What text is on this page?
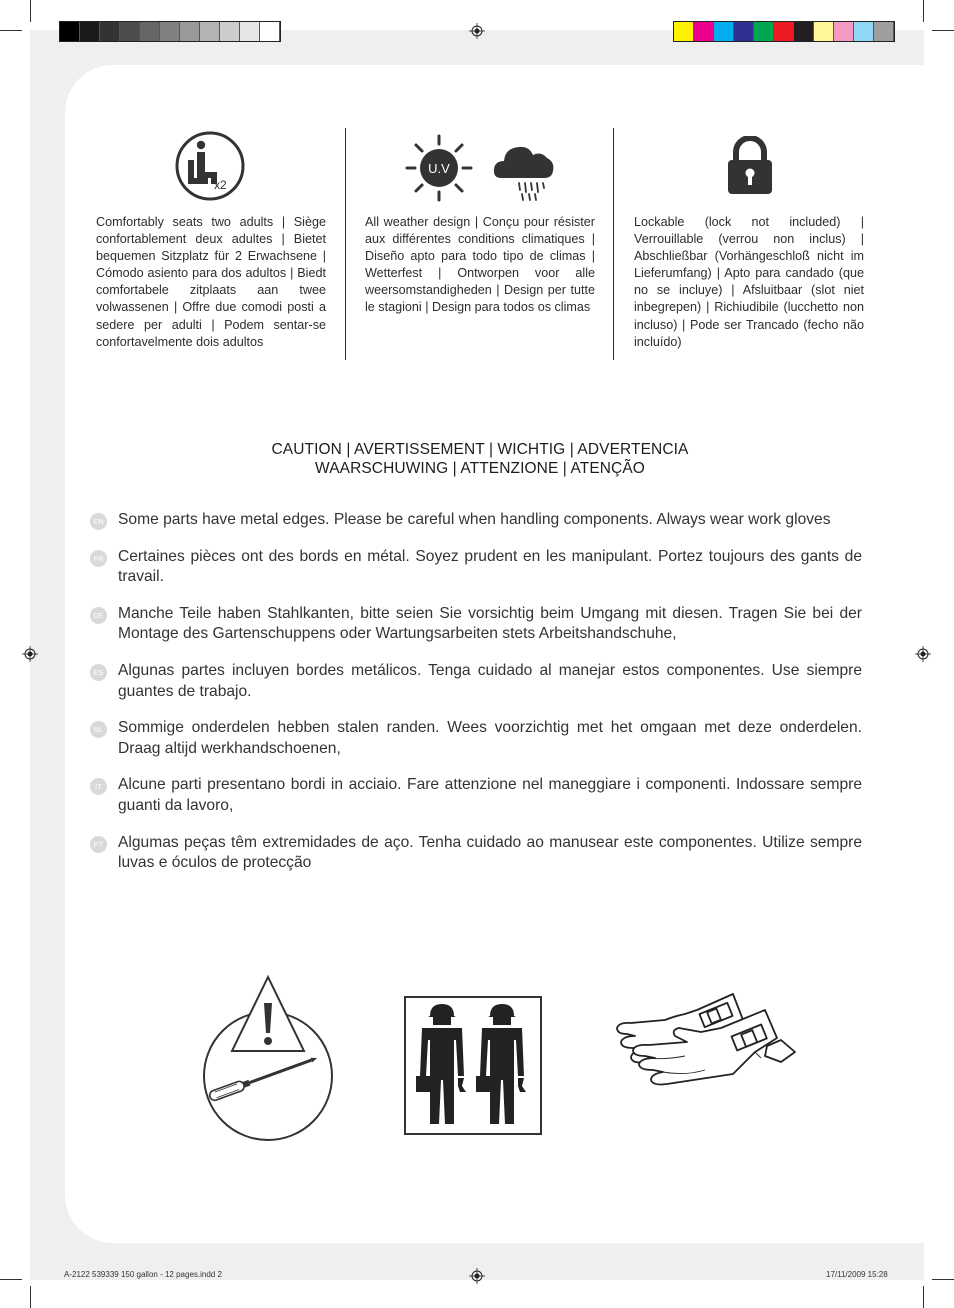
x2
Comfortably seats two adults | Siège confortablement deux adultes | Bietet bequemen Sitzplatz für 2 Erwachsene | Cómodo asiento para dos adultos | Biedt comfortabele zitplaats aan twee volwassenen | Offre due comodi posti a sedere per adulti | Podem sentar-se confortavelmente dois adultos
U.V
All weather design | Conçu pour résister aux différentes conditions climatiques | Diseño apto para todo tipo de climas | Wetterfest | Ontworpen voor alle weersomstandigheden | Design per tutte le stagioni | Design para todos os climas
Lockable (lock not included) | Verrouillable (verrou non inclus) | Abschließbar (Vorhängeschloß nicht im Lieferumfang) | Apto para candado (que no se incluye) | Afsluitbaar (slot niet inbegrepen) | Richiudibile (lucchetto non incluso) | Pode ser Trancado (fecho não incluído)
CAUTION | AVERTISSEMENT | WICHTIG | ADVERTENCIA
WAARSCHUWING | ATTENZIONE | ATENÇÃO
EN Some parts have metal edges. Please be careful when handling components. Always wear work gloves
FR Certaines pièces ont des bords en métal. Soyez prudent en les manipulant. Portez toujours des gants de travail.
DE Manche Teile haben Stahlkanten, bitte seien Sie vorsichtig beim Umgang mit diesen. Tragen Sie bei der Montage des Gartenschuppens oder Wartungsarbeiten stets Arbeitshandschuhe,
ES Algunas partes incluyen bordes metálicos. Tenga cuidado al manejar estos componentes. Use siempre guantes de trabajo.
NL Sommige onderdelen hebben stalen randen. Wees voorzichtig met het omgaan met deze onderdelen. Draag altijd werkhandschoenen,
IT	Alcune parti presentano bordi in acciaio. Fare attenzione nel maneggiare i componenti. Indossare sempre guanti da lavoro,
PT Algumas peças têm extremidades de aço. Tenha cuidado ao manusear este componentes. Utilize sempre luvas e óculos de protecção
A-2122 539339 150 gallon - 12 pages.indd 2	17/11/2009 15:28
